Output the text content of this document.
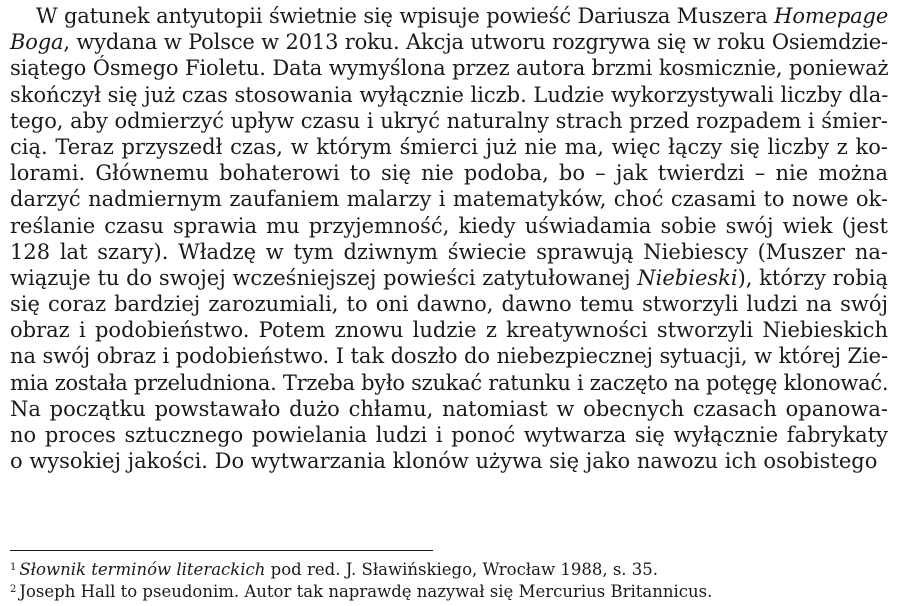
W gatunek antyutopii świetnie się wpisuje powieść Dariusza Muszera Homepage
Boga, wydana w Polsce w 2013 roku. Akcja utworu rozgrywa się w roku Osiemdzie-
siątego Ósmego Fioletu. Data wymyślona przez autora brzmi kosmicznie, ponieważ
skończył się już czas stosowania wyłącznie liczb. Ludzie wykorzystywali liczby dla-
tego, aby odmierzyć upływ czasu i ukryć naturalny strach przed rozpadem i śmier-
cią. Teraz przyszedł czas, w którym śmierci już nie ma, więc łączy się liczby z ko-
lorami. Głównemu bohaterowi to się nie podoba, bo – jak twierdzi – nie można
darzyć nadmiernym zaufaniem malarzy i matematyków, choć czasami to nowe ok-
reślanie czasu sprawia mu przyjemność, kiedy uświadamia sobie swój wiek (jest
128 lat szary). Władzę w tym dziwnym świecie sprawują Niebiescy (Muszer na-
wiązuje tu do swojej wcześniejszej powieści zatytułowanej Niebieski), którzy robią
się coraz bardziej zarozumiali, to oni dawno, dawno temu stworzyli ludzi na swój
obraz i podobieństwo. Potem znowu ludzie z kreatywności stworzyli Niebieskich
na swój obraz i podobieństwo. I tak doszło do niebezpiecznej sytuacji, w której Zie-
mia została przeludniona. Trzeba było szukać ratunku i zaczęto na potęgę klonować.
Na początku powstawało dużo chłamu, natomiast w obecnych czasach opanowa-
no proces sztucznego powielania ludzi i ponoć wytwarza się wyłącznie fabrykaty
o wysokiej jakości. Do wytwarzania klonów używa się jako nawozu ich osobistego
$^1$ Słownik terminów literackich pod red. J. Sławińskiego, Wrocław 1988, s. 35.
$^2$ Joseph Hall to pseudonim. Autor tak naprawdę nazywał się Mercurius Britannicus.
